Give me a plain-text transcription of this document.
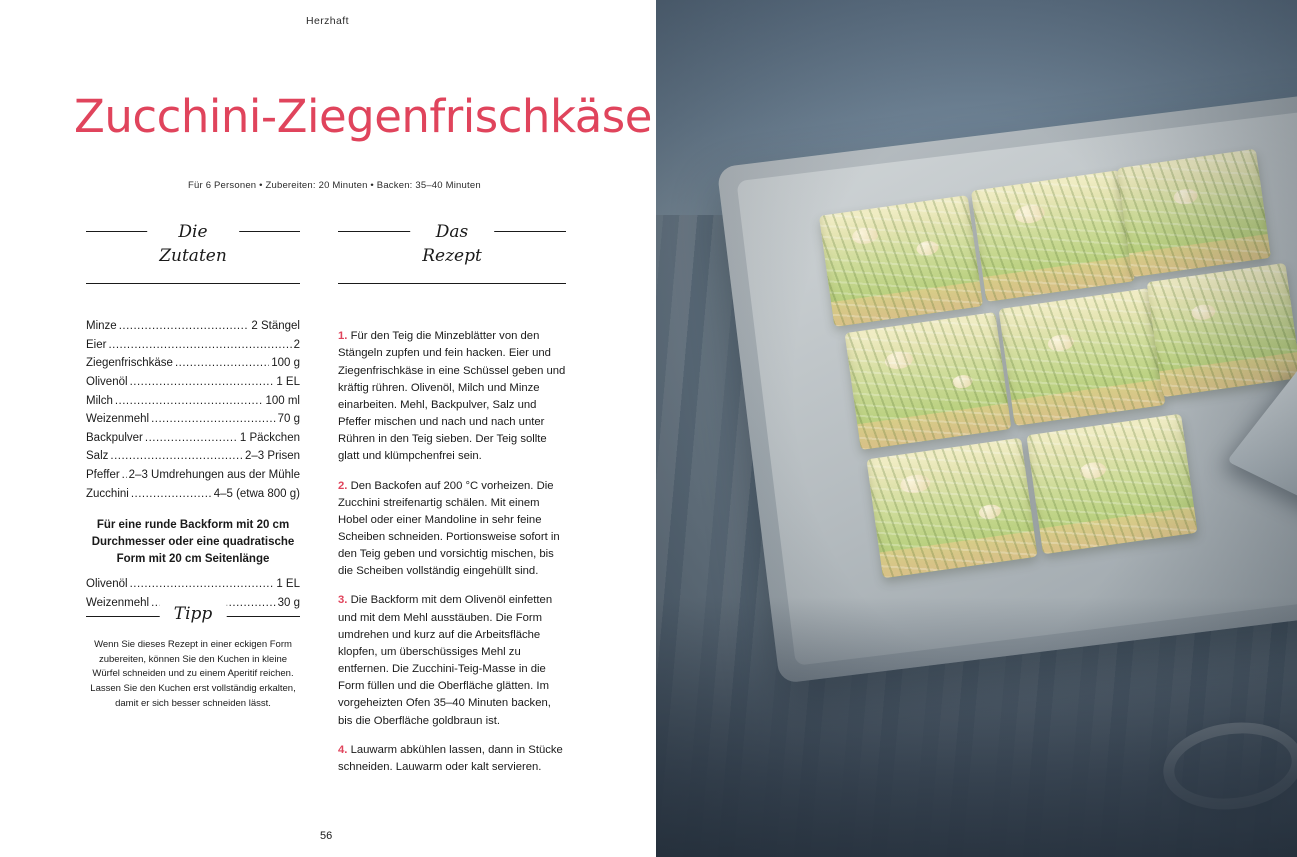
Herzhaft
Zucchini-Ziegenfrischkäse
Für 6 Personen • Zubereiten: 20 Minuten • Backen: 35–40 Minuten
Die
Zutaten
Minze .....	2 Stängel
Eier .....	2
Ziegenfrischkäse .....	100 g
Olivenöl .....	1 EL
Milch .....	100 ml
Weizenmehl .....	70 g
Backpulver .....	1 Päckchen
Salz .....	2–3 Prisen
Pfeffer ..... 2–3 Umdrehungen aus der Mühle
Zucchini .....	4–5 (etwa 800 g)
Für eine runde Backform mit 20 cm Durchmesser oder eine quadratische Form mit 20 cm Seitenlänge
Olivenöl .....	1 EL
Weizenmehl .....	30 g
Tipp
Wenn Sie dieses Rezept in einer eckigen Form zubereiten, können Sie den Kuchen in kleine Würfel schneiden und zu einem Aperitif reichen. Lassen Sie den Kuchen erst vollständig erkalten, damit er sich besser schneiden lässt.
Das
Rezept

1. Für den Teig die Minzeblätter von den Stängeln zupfen und fein hacken. Eier und Ziegenfrischkäse in eine Schüssel geben und kräftig rühren. Olivenöl, Milch und Minze einarbeiten. Mehl, Backpulver, Salz und Pfeffer mischen und nach und nach unter Rühren in den Teig sieben. Der Teig sollte glatt und klümpchenfrei sein.

2. Den Backofen auf 200 °C vorheizen. Die Zucchini streifenartig schälen. Mit einem Hobel oder einer Mandoline in sehr feine Scheiben schneiden. Portionsweise sofort in den Teig geben und vorsichtig mischen, bis die Scheiben vollständig eingehüllt sind.

3. Die Backform mit dem Olivenöl einfetten und mit dem Mehl ausstäuben. Die Form umdrehen und kurz auf die Arbeitsfläche klopfen, um überschüssiges Mehl zu entfernen. Die Zucchini-Teig-Masse in die Form füllen und die Oberfläche glätten. Im vorgeheizten Ofen 35–40 Minuten backen, bis die Oberfläche goldbraun ist.

4. Lauwarm abkühlen lassen, dann in Stücke schneiden. Lauwarm oder kalt servieren.

56
